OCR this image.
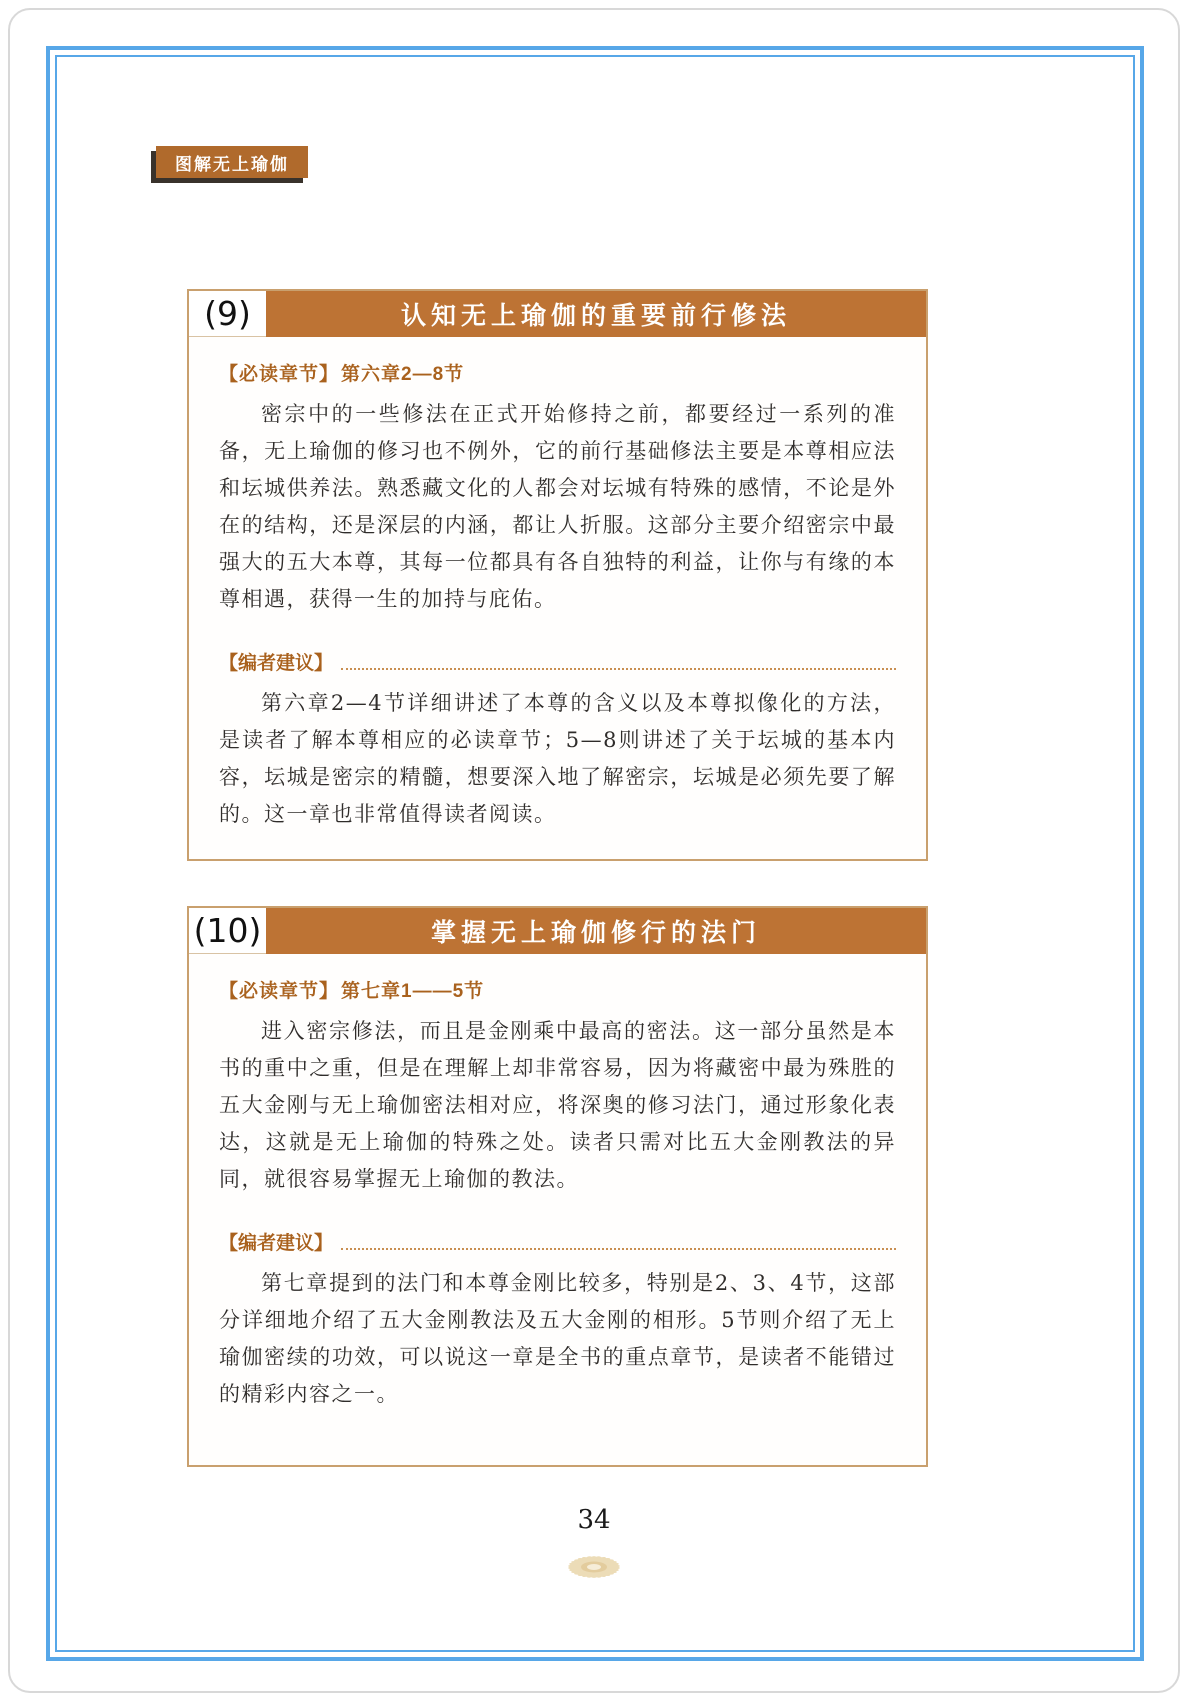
图解无上瑜伽
(9)	认知无上瑜伽的重要前行修法
【必读章节】 第六章2—8节

密宗中的一些修法在正式开始修持之前，都要经过一系列的准备，无上瑜伽的修习也不例外，它的前行基础修法主要是本尊相应法和坛城供养法。熟悉藏文化的人都会对坛城有特殊的感情，不论是外在的结构，还是深层的内涵，都让人折服。这部分主要介绍密宗中最强大的五大本尊，其每一位都具有各自独特的利益，让你与有缘的本尊相遇，获得一生的加持与庇佑。

【编者建议】

第六章2—4节详细讲述了本尊的含义以及本尊拟像化的方法，是读者了解本尊相应的必读章节；5—8则讲述了关于坛城的基本内容，坛城是密宗的精髓，想要深入地了解密宗，坛城是必须先要了解的。这一章也非常值得读者阅读。

(10)	掌握无上瑜伽修行的法门
【必读章节】 第七章1——5节

进入密宗修法，而且是金刚乘中最高的密法。这一部分虽然是本书的重中之重，但是在理解上却非常容易，因为将藏密中最为殊胜的五大金刚与无上瑜伽密法相对应，将深奥的修习法门，通过形象化表达，这就是无上瑜伽的特殊之处。读者只需对比五大金刚教法的异同，就很容易掌握无上瑜伽的教法。

【编者建议】

第七章提到的法门和本尊金刚比较多，特别是2、3、4节，这部分详细地介绍了五大金刚教法及五大金刚的相形。5节则介绍了无上瑜伽密续的功效，可以说这一章是全书的重点章节，是读者不能错过的精彩内容之一。

34
